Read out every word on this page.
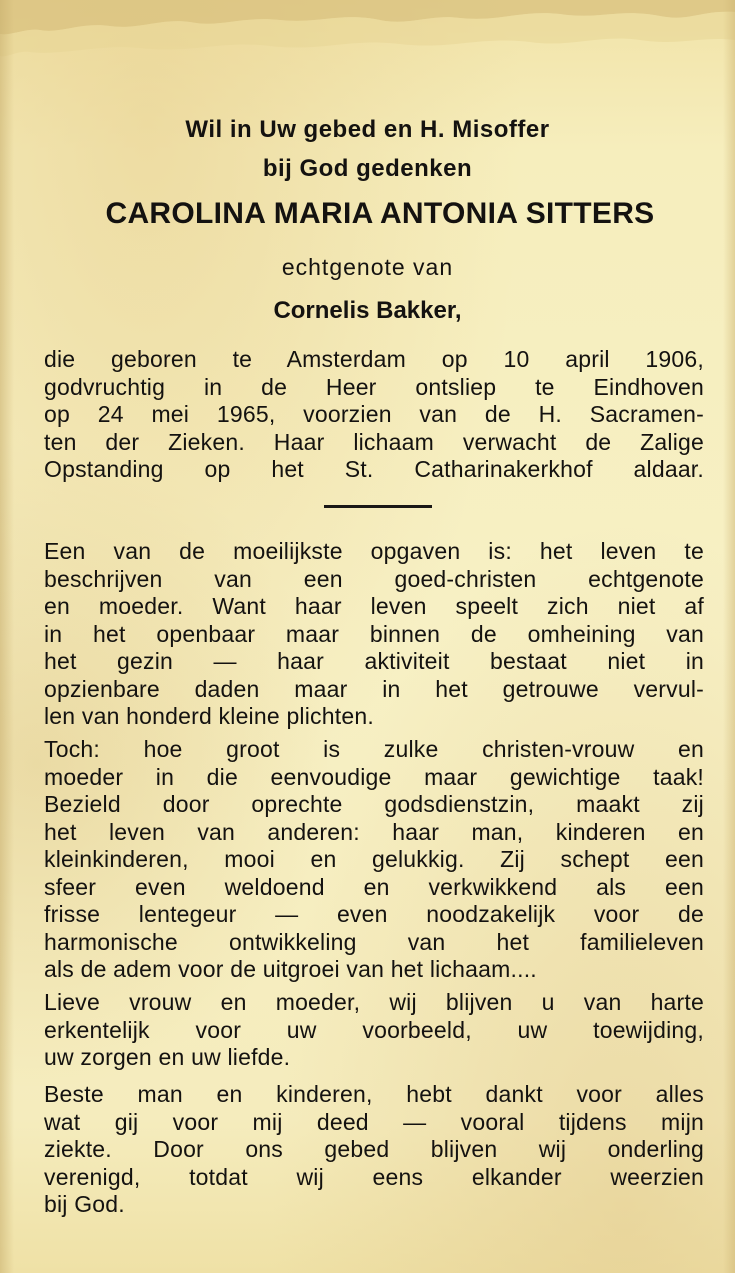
Wil in Uw gebed en H. Misoffer
bij God gedenken
CAROLINA MARIA ANTONIA SITTERS
echtgenote van
Cornelis Bakker,
die geboren te Amsterdam op 10 april 1906,
godvruchtig in de Heer ontsliep te Eindhoven
op 24 mei 1965, voorzien van de H. Sacramen-
ten der Zieken. Haar lichaam verwacht de Zalige
Opstanding op het St. Catharinakerkhof aldaar.
Een van de moeilijkste opgaven is: het leven te
beschrijven van een goed-christen echtgenote
en moeder. Want haar leven speelt zich niet af
in het openbaar maar binnen de omheining van
het gezin — haar aktiviteit bestaat niet in
opzienbare daden maar in het getrouwe vervul-
len van honderd kleine plichten.
Toch: hoe groot is zulke christen-vrouw en
moeder in die eenvoudige maar gewichtige taak!
Bezield door oprechte godsdienstzin, maakt zij
het leven van anderen: haar man, kinderen en
kleinkinderen, mooi en gelukkig. Zij schept een
sfeer even weldoend en verkwikkend als een
frisse lentegeur — even noodzakelijk voor de
harmonische ontwikkeling van het familieleven
als de adem voor de uitgroei van het lichaam....
Lieve vrouw en moeder, wij blijven u van harte
erkentelijk voor uw voorbeeld, uw toewijding,
uw zorgen en uw liefde.
Beste man en kinderen, hebt dankt voor alles
wat gij voor mij deed — vooral tijdens mijn
ziekte. Door ons gebed blijven wij onderling
verenigd, totdat wij eens elkander weerzien
bij God.
